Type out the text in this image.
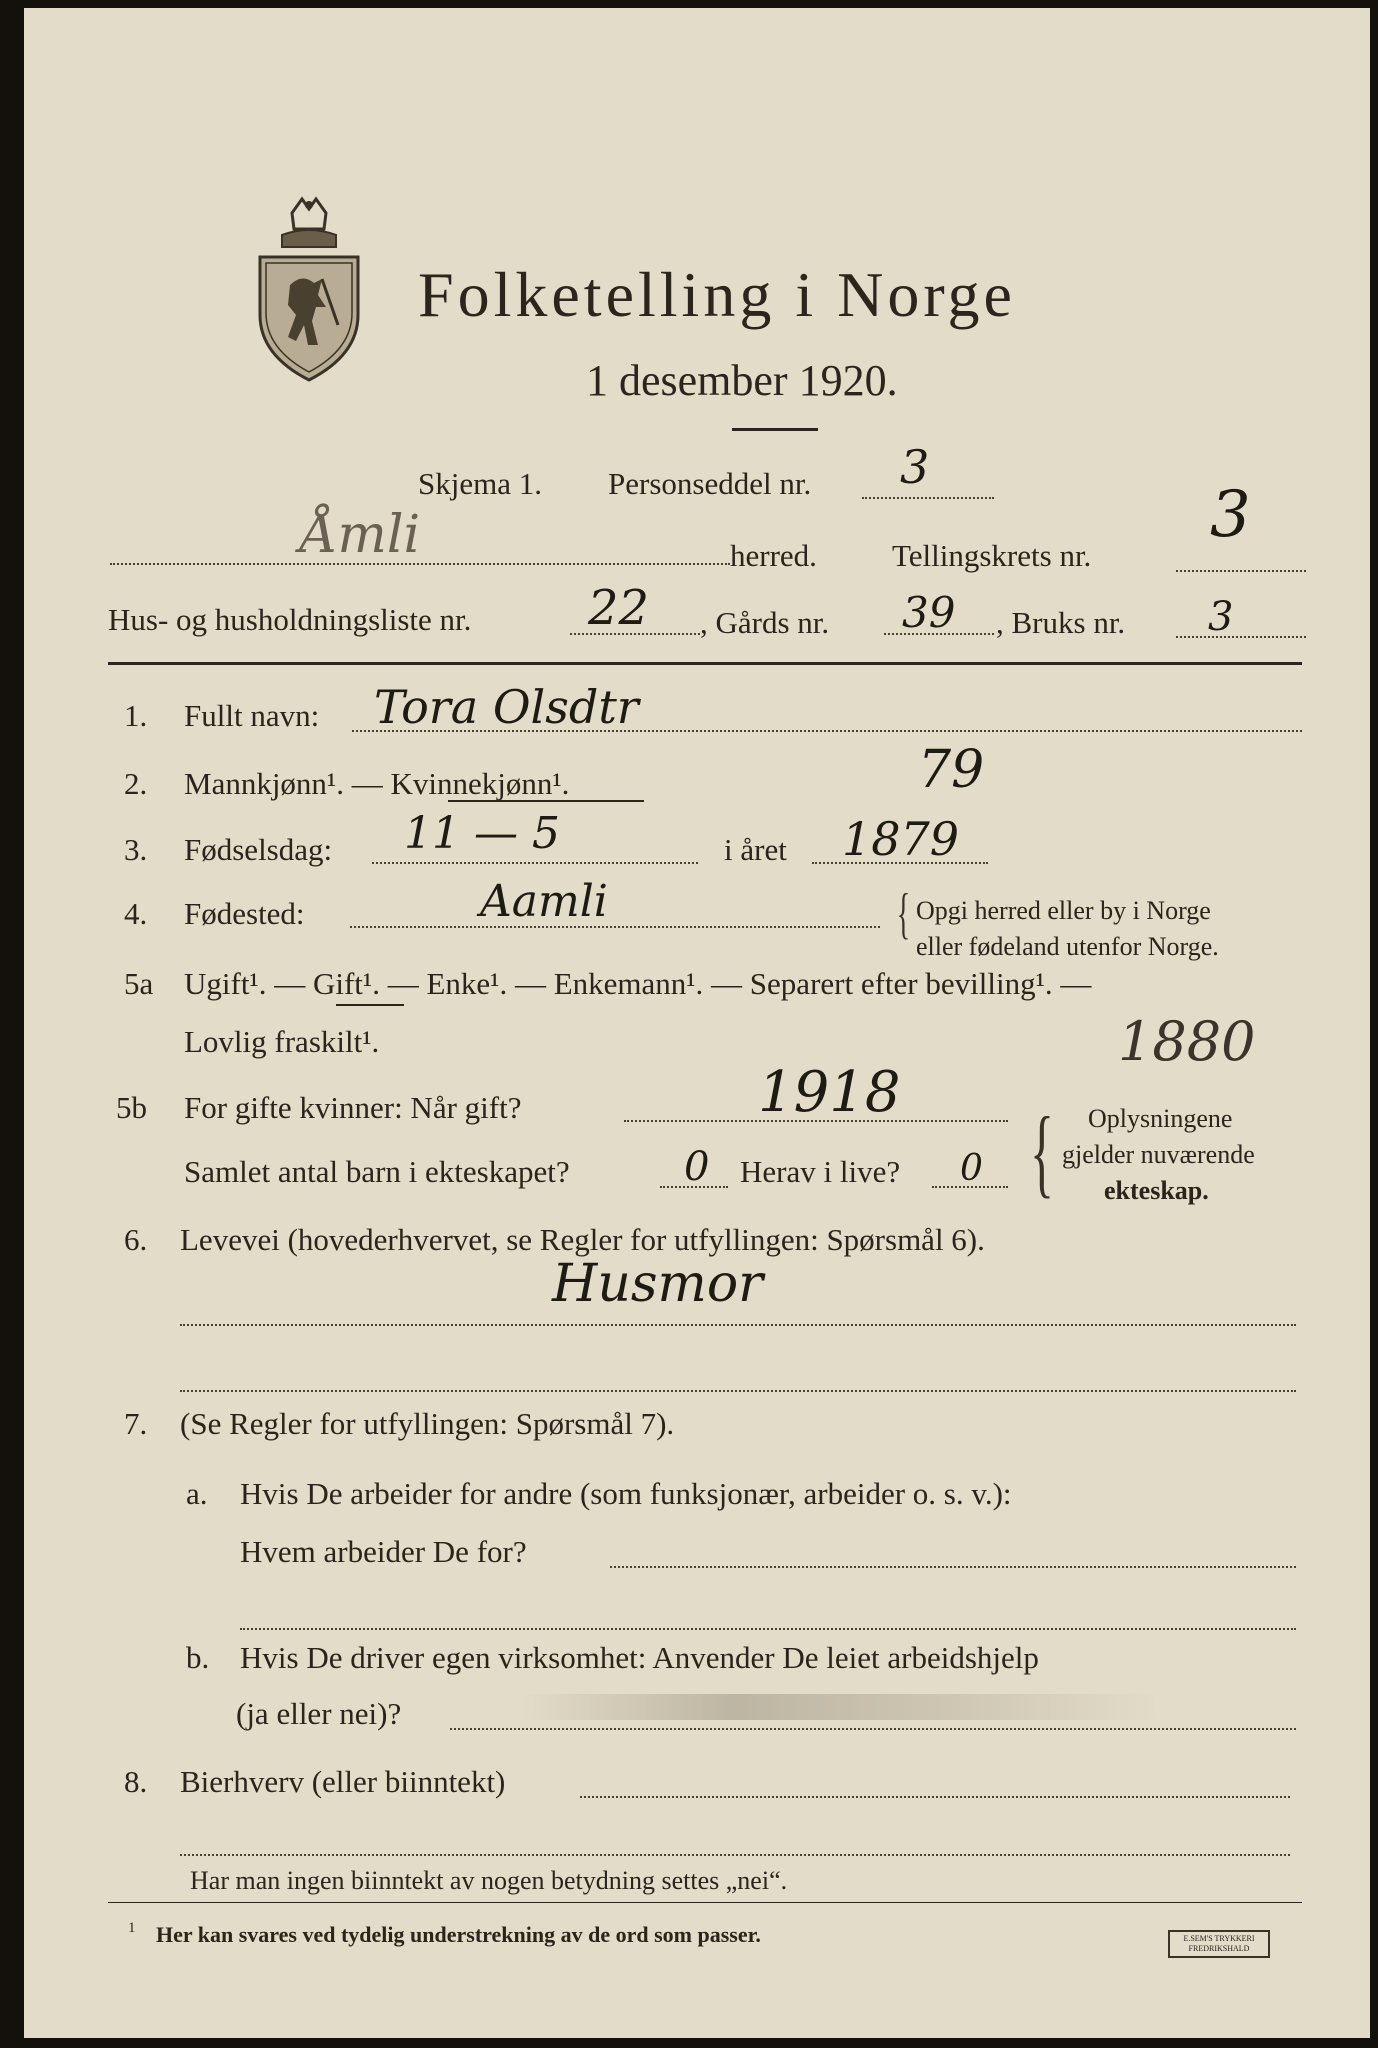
Folketelling i Norge
1 desember 1920.
Skjema 1. Personseddel nr. 3
Åmli	herred. Tellingskrets nr.
3
Hus- og husholdningsliste nr. 22 , Gårds nr. 39 , Bruks nr. 3
1. Fullt navn: Tora Olsdtr
2. Mannkjønn¹. — Kvinnekjønn¹.	79
3. Fødselsdag: 11 — 5	i året 1879
4. Fødested:	Aamli	{ Opgi herred eller by i Norge
eller fødeland utenfor Norge.
5a Ugift¹. — Gift¹. — Enke¹. — Enkemann¹. — Separert efter bevilling¹. —
Lovlig fraskilt¹.	1880
5b For gifte kvinner: Når gift?	1918
Samlet antal barn i ekteskapet?	0 Herav i live? 0 { Oplysningene
gjelder nuværende
ekteskap.
6. Levevei (hovederhvervet, se Regler for utfyllingen: Spørsmål 6).
Husmor
7. (Se Regler for utfyllingen: Spørsmål 7).
a. Hvis De arbeider for andre (som funksjonær, arbeider o. s. v.):
Hvem arbeider De for?
b. Hvis De driver egen virksomhet: Anvender De leiet arbeidshjelp
(ja eller nei)?
8. Bierhverv (eller biinntekt)
Har man ingen biinntekt av nogen betydning settes „nei“.
1 Her kan svares ved tydelig understrekning av de ord som passer.	E.SEM'S TRYKKERI
FREDRIKSHALD
